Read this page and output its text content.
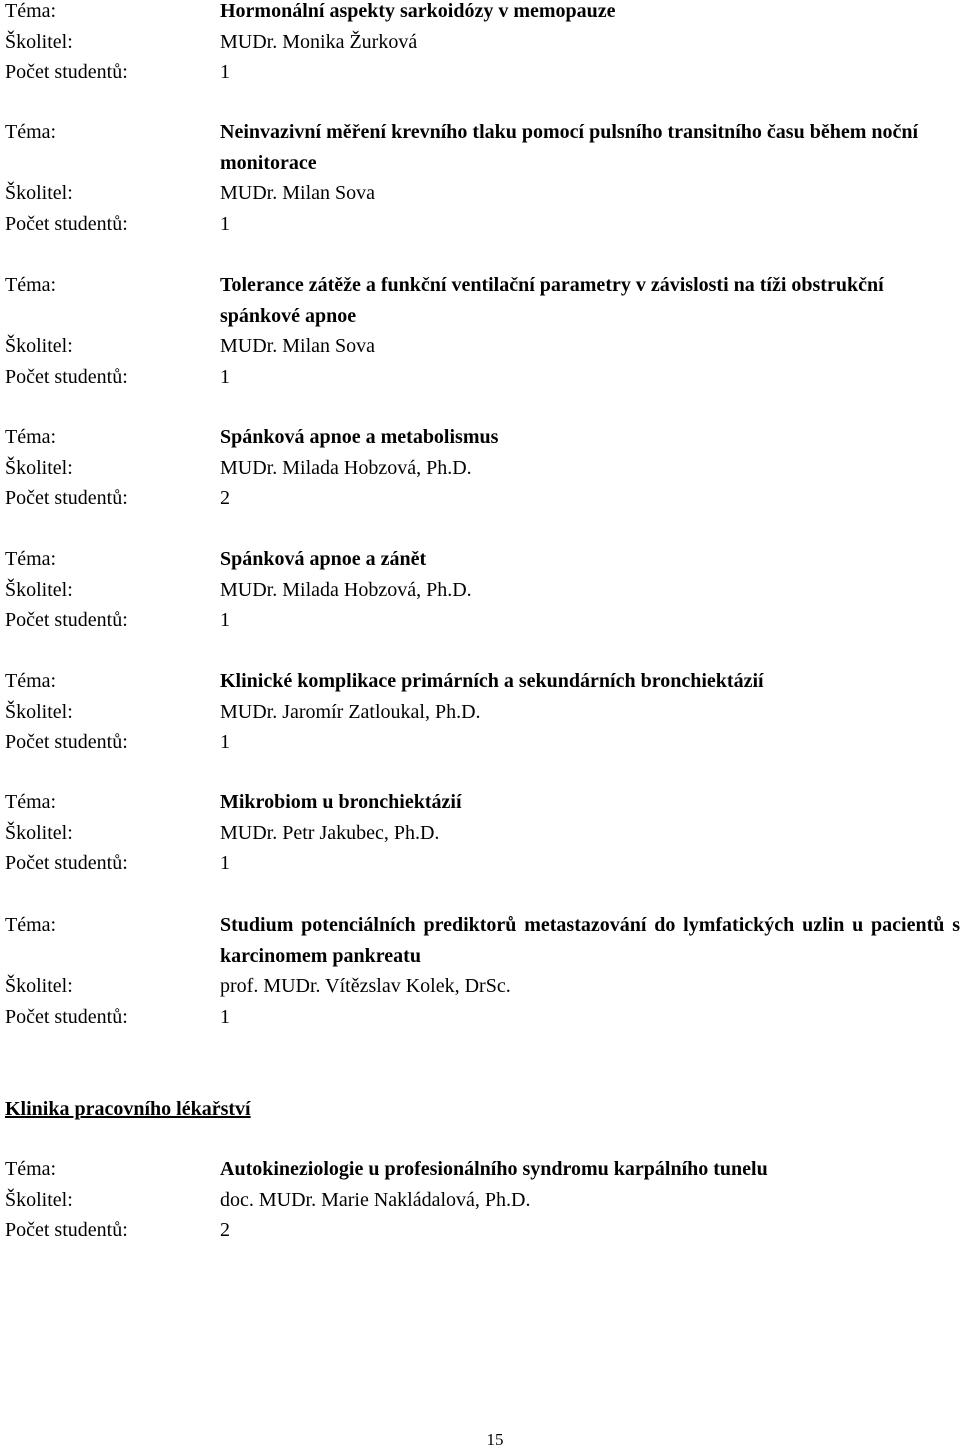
Téma:	Hormonální aspekty sarkoidózy v memopauze
Školitel:	MUDr. Monika Žurková
Počet studentů:	1
Téma:	Neinvazivní měření krevního tlaku pomocí pulsního transitního času během noční monitorace
Školitel:	MUDr. Milan Sova
Počet studentů:	1
Téma:	Tolerance zátěže a funkční ventilační parametry v závislosti na tíži obstrukční spánkové apnoe
Školitel:	MUDr. Milan Sova
Počet studentů:	1
Téma:	Spánková apnoe a metabolismus
Školitel:	MUDr. Milada Hobzová, Ph.D.
Počet studentů:	2
Téma:	Spánková apnoe a zánět
Školitel:	MUDr. Milada Hobzová, Ph.D.
Počet studentů:	1
Téma:	Klinické komplikace primárních a sekundárních bronchiektázií
Školitel:	MUDr. Jaromír Zatloukal, Ph.D.
Počet studentů:	1
Téma:	Mikrobiom u bronchiektázií
Školitel:	MUDr. Petr Jakubec, Ph.D.
Počet studentů:	1
Téma:	Studium potenciálních prediktorů metastazování do lymfatických uzlin u pacientů s karcinomem pankreatu
Školitel:	prof. MUDr. Vítězslav Kolek, DrSc.
Počet studentů:	1
Klinika pracovního lékařství
Téma:	Autokineziologie u profesionálního syndromu karpálního tunelu
Školitel:	doc. MUDr. Marie Nakládalová, Ph.D.
Počet studentů:	2
15
